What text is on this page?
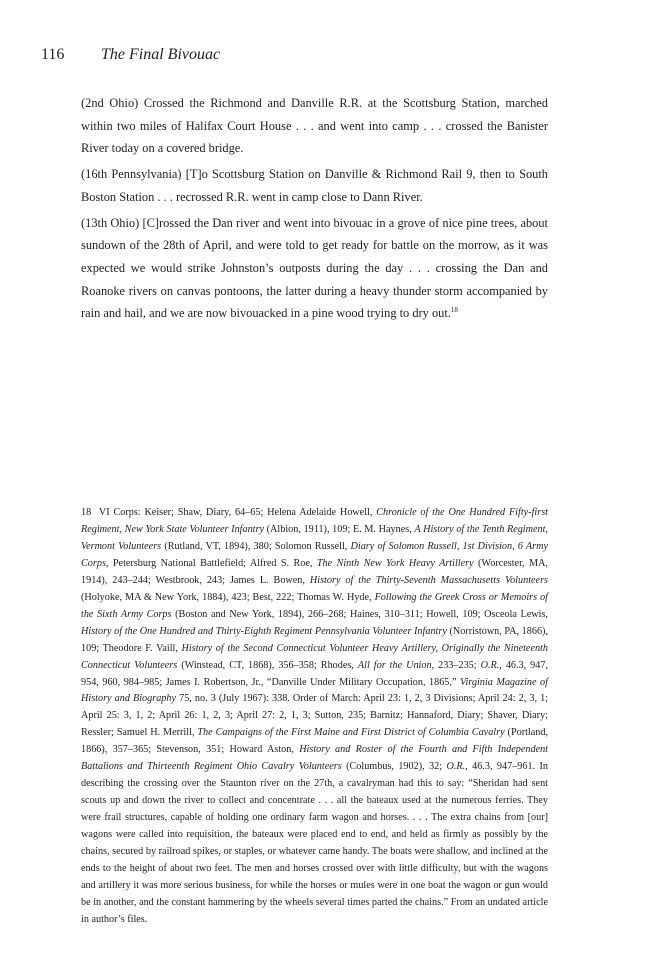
116 The Final Bivouac

(2nd Ohio) Crossed the Richmond and Danville R.R. at the Scottsburg Station, marched within two miles of Halifax Court House . . . and went into camp . . . crossed the Banister River today on a covered bridge.

(16th Pennsylvania) [T]o Scottsburg Station on Danville & Richmond Rail 9, then to South Boston Station . . . recrossed R.R. went in camp close to Dann River.

(13th Ohio) [C]rossed the Dan river and went into bivouac in a grove of nice pine trees, about sundown of the 28th of April, and were told to get ready for battle on the morrow, as it was expected we would strike Johnston’s outposts during the day . . . crossing the Dan and Roanoke rivers on canvas pontoons, the latter during a heavy thunder storm accompanied by rain and hail, and we are now bivouacked in a pine wood trying to dry out.$^{18}$

18 VI Corps: Keiser; Shaw, Diary, 64–65; Helena Adelaide Howell, Chronicle of the One Hundred Fifty-first Regiment, New York State Volunteer Infantry (Albion, 1911), 109; E. M. Haynes, A History of the Tenth Regiment, Vermont Volunteers (Rutland, VT, 1894), 380; Solomon Russell, Diary of Solomon Russell, 1st Division, 6 Army Corps, Petersburg National Battlefield; Alfred S. Roe, The Ninth New York Heavy Artillery (Worcester, MA, 1914), 243–244; Westbrook, 243; James L. Bowen, History of the Thirty-Seventh Massachusetts Volunteers (Holyoke, MA & New York, 1884), 423; Best, 222; Thomas W. Hyde, Following the Greek Cross or Memoirs of the Sixth Army Corps (Boston and New York, 1894), 266–268; Haines, 310–311; Howell, 109; Osceola Lewis, History of the One Hundred and Thirty-Eighth Regiment Pennsylvania Volunteer Infantry (Norristown, PA, 1866), 109; Theodore F. Vaill, History of the Second Connecticut Volunteer Heavy Artillery, Originally the Nineteenth Connecticut Volunteers (Winstead, CT, 1868), 356–358; Rhodes, All for the Union, 233–235; O.R., 46.3, 947, 954, 960, 984–985; James I. Robertson, Jr., “Danville Under Military Occupation, 1865,” Virginia Magazine of History and Biography 75, no. 3 (July 1967): 338. Order of March: April 23: 1, 2, 3 Divisions; April 24: 2, 3, 1; April 25: 3, 1, 2; April 26: 1, 2, 3; April 27: 2, 1, 3; Sutton, 235; Barnitz; Hannaford, Diary; Shaver, Diary; Ressler; Samuel H. Merrill, The Campaigns of the First Maine and First District of Columbia Cavalry (Portland, 1866), 357–365; Stevenson, 351; Howard Aston, History and Roster of the Fourth and Fifth Independent Battalions and Thirteenth Regiment Ohio Cavalry Volunteers (Columbus, 1902), 32; O.R., 46.3, 947–961. In describing the crossing over the Staunton river on the 27th, a cavalryman had this to say: “Sheridan had sent scouts up and down the river to collect and concentrate . . . all the bateaux used at the numerous ferries. They were frail structures, capable of holding one ordinary farm wagon and horses. . . . The extra chains from [our] wagons were called into requisition, the bateaux were placed end to end, and held as firmly as possibly by the chains, secured by railroad spikes, or staples, or whatever came handy. The boats were shallow, and inclined at the ends to the height of about two feet. The men and horses crossed over with little difficulty, but with the wagons and artillery it was more serious business, for while the horses or mules were in one boat the wagon or gun would be in another, and the constant hammering by the wheels several times parted the chains.” From an undated article in author’s files.
